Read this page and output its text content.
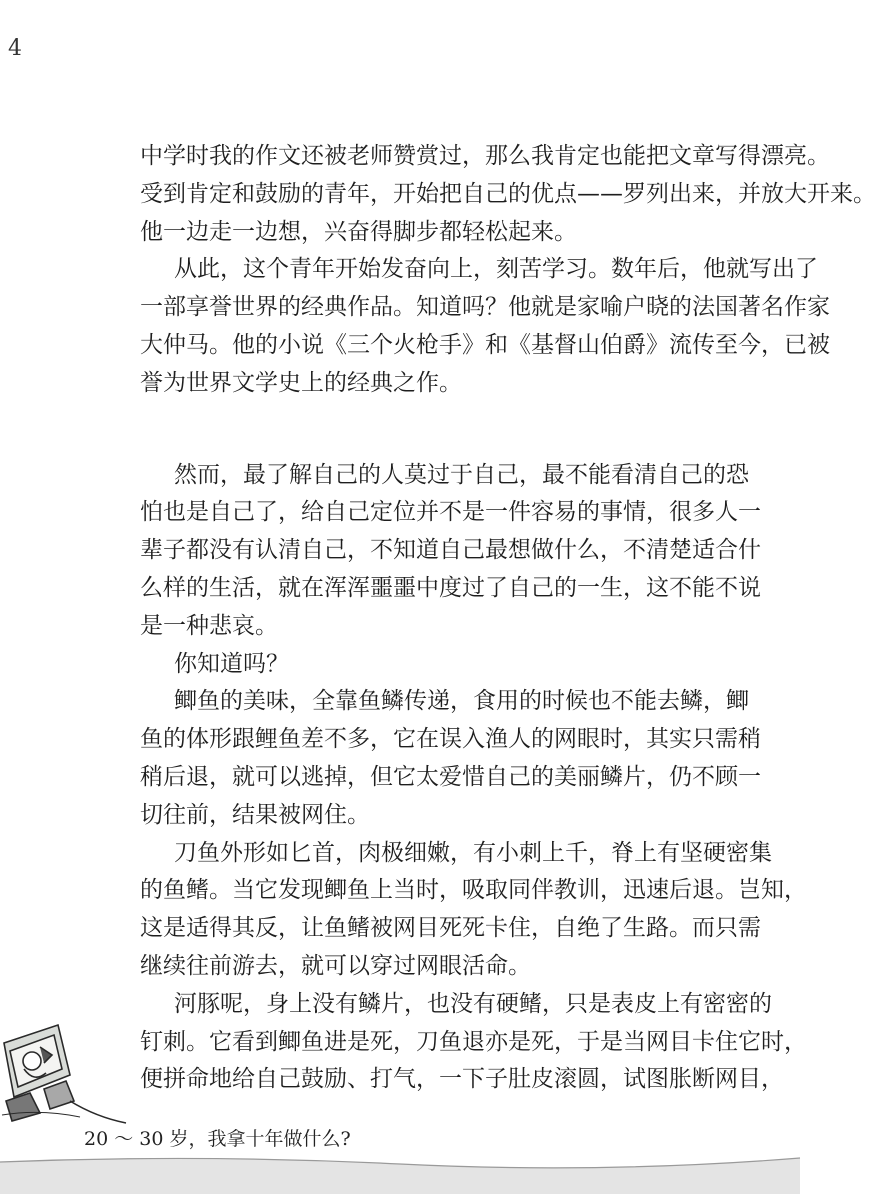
4

中学时我的作文还被老师赞赏过，那么我肯定也能把文章写得漂亮。
受到肯定和鼓励的青年，开始把自己的优点——罗列出来，并放大开来。
他一边走一边想，兴奋得脚步都轻松起来。

从此，这个青年开始发奋向上，刻苦学习。数年后，他就写出了
一部享誉世界的经典作品。知道吗？他就是家喻户晓的法国著名作家
大仲马。他的小说《三个火枪手》和《基督山伯爵》流传至今，已被
誉为世界文学史上的经典之作。

然而，最了解自己的人莫过于自己，最不能看清自己的恐
怕也是自己了，给自己定位并不是一件容易的事情，很多人一
辈子都没有认清自己，不知道自己最想做什么，不清楚适合什
么样的生活，就在浑浑噩噩中度过了自己的一生，这不能不说
是一种悲哀。

你知道吗？

鲫鱼的美味，全靠鱼鳞传递，食用的时候也不能去鳞，鲫
鱼的体形跟鲤鱼差不多，它在误入渔人的网眼时，其实只需稍
稍后退，就可以逃掉，但它太爱惜自己的美丽鳞片，仍不顾一
切往前，结果被网住。

刀鱼外形如匕首，肉极细嫩，有小刺上千，脊上有坚硬密集
的鱼鳍。当它发现鲫鱼上当时，吸取同伴教训，迅速后退。岂知，
这是适得其反，让鱼鳍被网目死死卡住，自绝了生路。而只需
继续往前游去，就可以穿过网眼活命。

河豚呢，身上没有鳞片，也没有硬鳍，只是表皮上有密密的
钉刺。它看到鲫鱼进是死，刀鱼退亦是死，于是当网目卡住它时，
便拼命地给自己鼓励、打气，一下子肚皮滚圆，试图胀断网目，

20 ～ 30 岁，我拿十年做什么?
